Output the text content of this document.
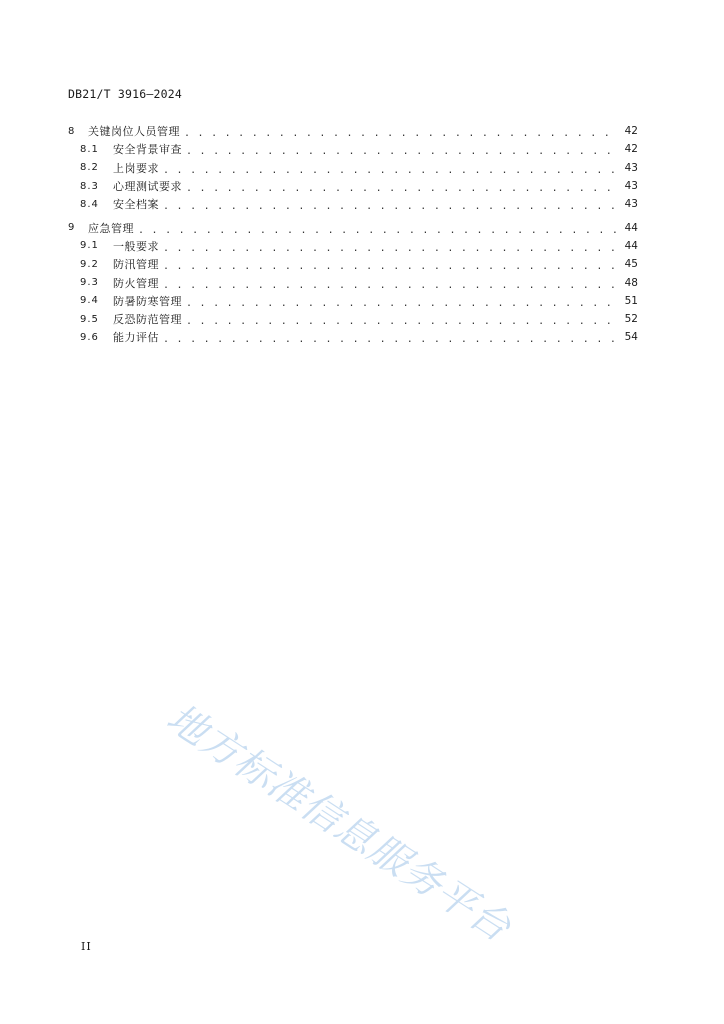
DB21/T 3916—2024
8	关键岗位人员管理 . . .	42
8.1	安全背景审查 . . .	42
8.2	上岗要求 . . .	43
8.3	心理测试要求 . . .	43
8.4	安全档案 . . .	43
9	应急管理 . . .	44
9.1	一般要求 . . .	44
9.2	防汛管理 . . .	45
9.3	防火管理 . . .	48
9.4	防暑防寒管理 . . .	51
9.5	反恐防范管理 . . .	52
9.6	能力评估 . . .	54
地方标准信息服务平台
II
